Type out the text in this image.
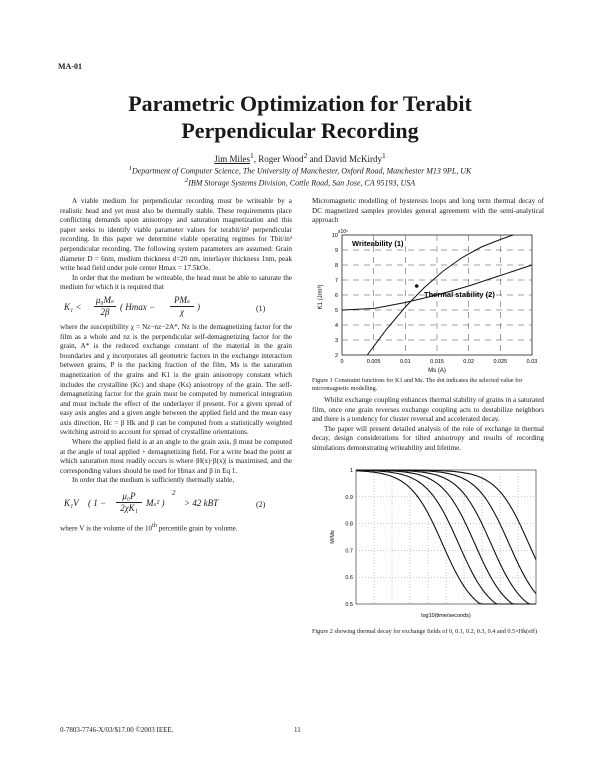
MA-01
Parametric Optimization for Terabit
Perpendicular Recording
Jim Miles$^1$, Roger Wood$^2$ and David McKirdy$^1$
$^1$Department of Computer Science, The University of Manchester, Oxford Road, Manchester M13 9PL, UK
$^2$IBM Storage Systems Division, Cottle Road, San Jose, CA 95193, USA

A viable medium for perpendicular recording must be writeable by a realistic head and yet must also be thermally stable. These requirements place conflicting demands upon anisotropy and saturation magnetization and this paper seeks to identify viable parameter values for terabit/in² perpendicular recording. In this paper we determine viable operating regimes for Tbit/in² perpendicular recording. The following system parameters are assumed: Grain diameter D = 6nm, medium thickness d=20 nm, interlayer thickness 1nm, peak write head field under pole center Hmax = 17.5kOe.

In order that the medium be writeable, the head must be able to saturate the medium for which it is required that

$K_1 < \frac{\text{μ₀Mₛ}}{2\beta}$ ( Hmax −
PMₛ
χ	)	(1)

where the susceptibility χ = Nz−nz−2A*, Nz is the demagnetizing factor for the film as a whole and nz is the perpendicular self-demagnetizing factor for the grain, A* is the reduced exchange constant of the material in the grain boundaries and χ incorporates all geometric factors in the exchange interaction between grains, P is the packing fraction of the film, Ms is the saturation magnetization of the grains and K1 is the grain anisotropy constant which includes the crystalline (Kc) and shape (Ks) anisotropy of the grain. The self-demagnetizing factor for the grain must be computed by numerical integration and must include the effect of the underlayer if present. For a given spread of easy axis angles and a given angle between the applied field and the mean easy axis direction, Hc = β Hk and β can be computed from a statistically weighted switching astroid to account for spread of crystalline orientations.

Where the applied field is at an angle to the grain axis, β must be computed at the angle of total applied + demagnetizing field. For a write head the point at which saturation most readily occurs is where |H(x)·β(x)| is maximised, and the corresponding values should be used for Hmax and β in Eq 1.

In order that the medium is sufficiently thermally stable,

K₁V ( $1 - \frac{\text{μ₀P}}{\text{2χK₁}} M_s^2$ )
2
> 42 kBT	(2)

where V is the volume of the 10th percentile grain by volume.

Micromagnetic modelling of hysteresis loops and long term thermal decay of DC magnetized samples provides general agreement with the semi-analytical approach

0	0.005	0.01	0.015	0.02	0.025	0.03
2
3
4
5
6
7
8
9
10
Writeability (1)
Thermal stability (2)
x10⁵
K1 (J/m³)
Ms (A)
Figure 1 Constraint functions for K1 and Ms. The dot indicates the selected value for micromagnetic modelling.

Whilst exchange coupling enhances thermal stability of grains in a saturated film, once one grain reverses exchange coupling acts to destabilize neighbors and there is a tendency for cluster reversal and accelerated decay.

The paper will present detailed analysis of the role of exchange in thermal decay, design considerations for tilted anisotropy and results of recording simulations demonstrating writeability and lifetime.

0.5
0.6
0.7
0.8
0.9
1
M/Ms
log10(time/seconds)
Figure 2 showing thermal decay for exchange fields of 0, 0.1, 0.2, 0.3, 0.4 and 0.5×Hk(eff)
0-7803-7746-X/03/$17.00 ©2003 IEEE.	11
